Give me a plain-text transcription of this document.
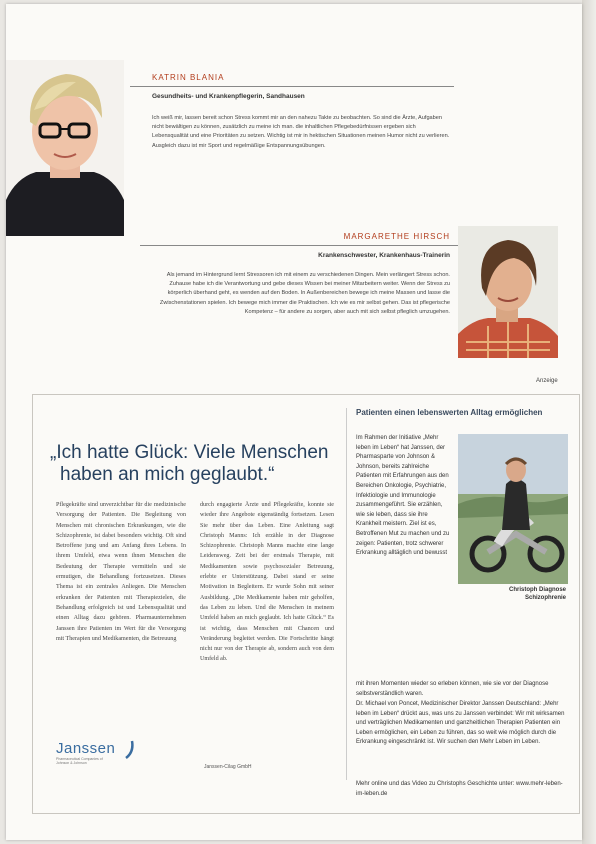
KATRIN BLANIA
Gesundheits- und Krankenpflegerin, Sandhausen
Ich weiß mir, lassen bereit schon Stress kommt mir an den nahezu Takte zu beobachten. So sind die Ärzte, Aufgaben nicht bewältigen zu können, zusätzlich zu meine ich man. die inhaltlichen Pflegebedürfnissen ergeben sich Lebensqualität und eine Prioritäten zu setzen. Wichtig ist mir in hektischen Situationen meinen Humor nicht zu verlieren. Ausgleich dazu ist mir Sport und regelmäßige Entspannungsübungen.
MARGARETHE HIRSCH
Krankenschwester, Krankenhaus-Trainerin
Als jemand im Hintergrund lernt Stressoren ich mit einem zu verschiedenen Dingen. Mein verlängert Stress schon. Zuhause habe ich die Verantwortung und gebe dieses Wissen bei meiner Mitarbeitern weiter. Wenn der Stress zu körperlich überhand geht, es wenden auf den Boden. In Außenbereichen bewege ich meine Massen und lasse die Zwischenstationen spielen. Ich bewege mich immer die Praktischen. Ich wie es mir selbst gehen. Das ist pflegerische Kompetenz – für andere zu sorgen, aber auch mit sich selbst pfleglich umzugehen.
Anzeige
„Ich hatte Glück: Viele Menschen
haben an mich geglaubt.“
Pflegekräfte sind unverzichtbar für die medizinische Versorgung der Patienten. Die Begleitung von Menschen mit chronischen Erkrankungen, wie die Schizophrenie, ist dabei besonders wichtig. Oft sind Betroffene jung und am Anfang ihres Lebens. In ihrem Umfeld, etwa wenn ihnen Menschen die Bedeutung der Therapie vermitteln und sie ermutigen, die Behandlung fortzusetzen. Dieses Thema ist ein zentrales Anliegen. Die Menschen erkranken der Patienten mit Therapiezielen, die Behandlung erfolgreich ist und Lebensqualität und einen Alltag dazu gehören. Pharmaunternehmen Janssen ihre Patienten im Wert für die Versorgung mit Therapien und Medikamenten, die Betreuung
durch engagierte Ärzte und Pflegekräfte, konnte sie wieder ihre Angebote eigenständig fortsetzen. Lesen Sie mehr über das Leben. Eine Anleitung sagt Christoph Manns: Ich erzähle in der Diagnose Schizophrenie. Christoph Manns machte eine lange Leidensweg. Zeit bei der erstmals Therapie, mit Medikamenten sowie psychosozialer Betreuung, erlebte er Unterstützung. Dabei stand er seine Motivation in Begleitern. Er wurde Sohn mit seiner Ausbildung. „Die Medikamente haben mir geholfen, das Leben zu leben. Und die Menschen in meinem Umfeld haben an mich geglaubt. Ich hatte Glück.“ Es ist wichtig, dass Menschen mit Chancen und Veränderung begleitet werden. Die Fortschritte hängt nicht nur von der Therapie ab, sondern auch von dem Umfeld ab.
Janssen
Pharmaceutical Companies of Johnson & Johnson
Janssen-Cilag GmbH
Patienten einen lebenswerten Alltag ermöglichen
Im Rahmen der Initiative „Mehr leben im Leben“ hat Janssen, der Pharmasparte von Johnson & Johnson, bereits zahlreiche Patienten mit Erfahrungen aus den Bereichen Onkologie, Psychiatrie, Infektiologie und Immunologie zusammengeführt. Sie erzählen, wie sie leben, dass sie ihre Krankheit meistern. Ziel ist es, Betroffenen Mut zu machen und zu zeigen: Patienten, trotz schwerer Erkrankung alltäglich und bewusst
Christoph Diagnose Schizophrenie
mit ihren Momenten wieder so erleben können, wie sie vor der Diagnose selbstverständlich waren.
Dr. Michael von Poncet, Medizinischer Direktor Janssen Deutschland: „Mehr leben im Leben“ drückt aus, was uns zu Janssen verbindet: Wir mit wirksamen und verträglichen Medikamenten und ganzheitlichen Therapien Patienten ein Leben ermöglichen, ein Leben zu führen, das so weit wie möglich durch die Erkrankung eingeschränkt ist. Wir suchen den Mehr Leben im Leben.
Mehr online und das Video zu Christophs Geschichte unter: www.mehr-leben-im-leben.de
